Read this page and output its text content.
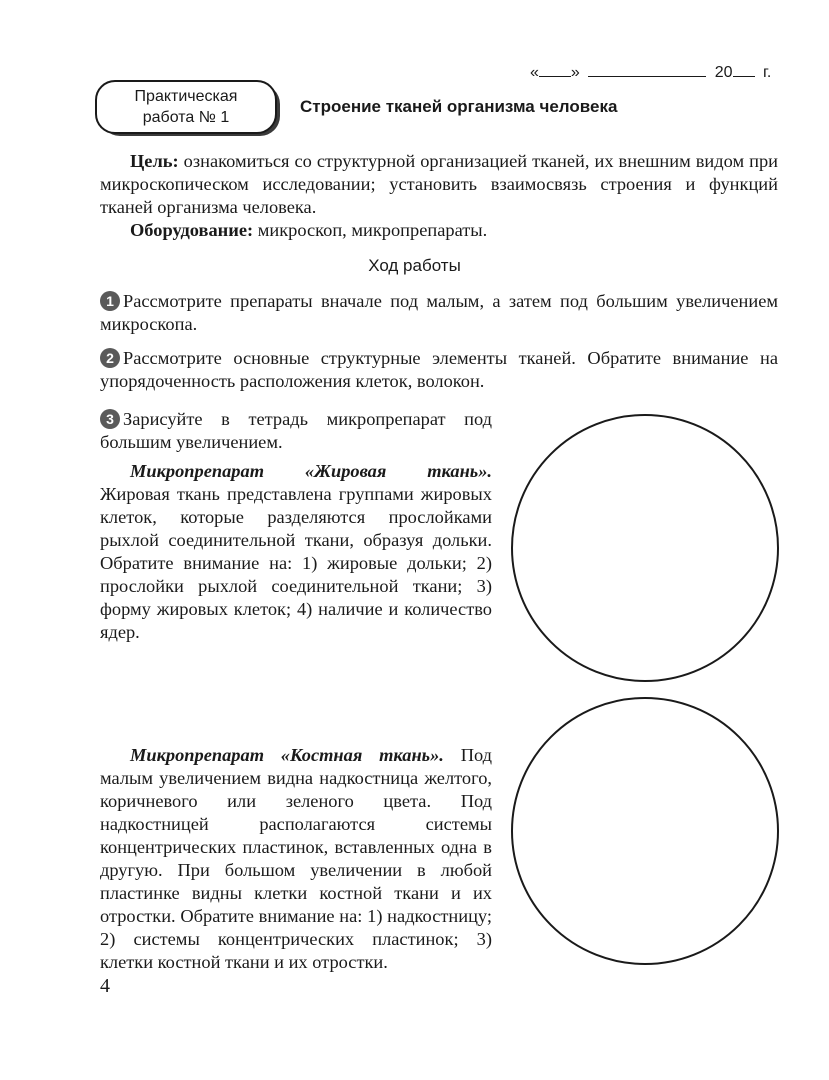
« »	20 г.
Практическая
работа № 1
Строение тканей организма человека

Цель: ознакомиться со структурной организацией тканей, их внешним видом при микроскопическом исследовании; установить взаимосвязь строения и функций тканей организма человека.

Оборудование: микроскоп, микропрепараты.

Ход работы

1 Рассмотрите препараты вначале под малым, а затем под большим увеличением микроскопа.

2 Рассмотрите основные структурные элементы тканей. Обратите внимание на упорядоченность расположения клеток, волокон.

3 Зарисуйте в тетрадь микропрепарат под большим увеличением.

Микропрепарат «Жировая ткань». Жировая ткань представлена группами жировых клеток, которые разделяются прослойками рыхлой соединительной ткани, образуя дольки. Обратите внимание на: 1) жировые дольки; 2) прослойки рыхлой соединительной ткани; 3) форму жировых клеток; 4) наличие и количество ядер.

Микропрепарат «Костная ткань». Под малым увеличением видна надкостница желтого, коричневого или зеленого цвета. Под надкостницей располагаются системы концентрических пластинок, вставленных одна в другую. При большом увеличении в любой пластинке видны клетки костной ткани и их отростки. Обратите внимание на: 1) надкостницу; 2) системы концентрических пластинок; 3) клетки костной ткани и их отростки.

4
